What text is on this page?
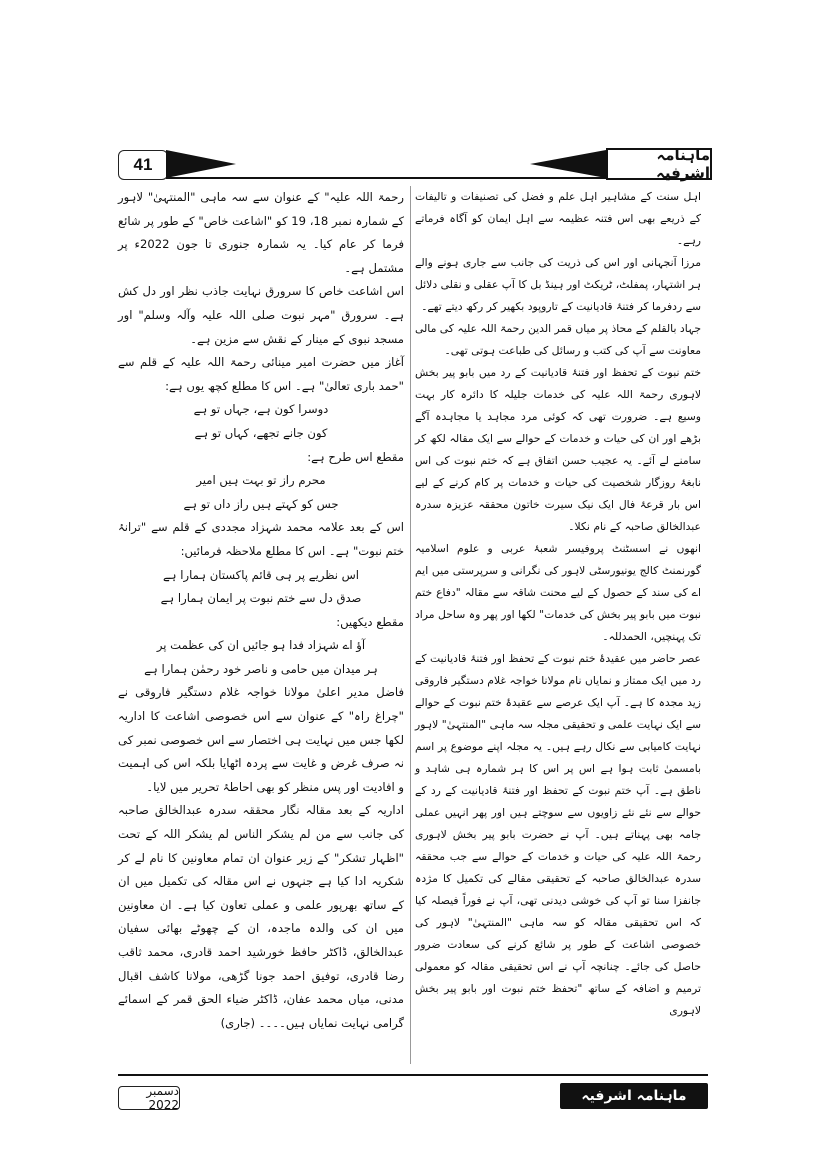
41	ماہنامہ اشرفیہ

اہل سنت کے مشاہیر اہل علم و فضل کی تصنیفات و تالیفات کے ذریعے بھی اس فتنہ عظیمہ سے اہل ایمان کو آگاہ فرماتے رہے۔

مرزا آنجہانی اور اس کی ذریت کی جانب سے جاری ہونے والے ہر اشتہار، پمفلٹ، ٹریکٹ اور ہینڈ بل کا آپ عقلی و نقلی دلائل سے ردفرما کر فتنۂ قادیانیت کے تاروپود بکھیر کر رکھ دیتے تھے۔

جہاد بالقلم کے محاذ پر میاں قمر الدین رحمۃ اللہ علیہ کی مالی معاونت سے آپ کی کتب و رسائل کی طباعت ہوتی تھی۔

ختم نبوت کے تحفظ اور فتنۂ قادیانیت کے رد میں بابو پیر بخش لاہوری رحمۃ اللہ علیہ کی خدمات جلیلہ کا دائرہ کار بہت وسیع ہے۔ ضرورت تھی کہ کوئی مرد مجاہد یا مجاہدہ آگے بڑھے اور ان کی حیات و خدمات کے حوالے سے ایک مقالہ لکھ کر سامنے لے آئے۔ یہ عجیب حسن اتفاق ہے کہ ختم نبوت کی اس نابغۂ روزگار شخصیت کی حیات و خدمات پر کام کرنے کے لیے اس بار قرعۂ فال ایک نیک سیرت خاتون محققہ عزیزہ سدرہ عبدالخالق صاحبہ کے نام نکلا۔

انھوں نے اسسٹنٹ پروفیسر شعبۂ عربی و علوم اسلامیہ گورنمنٹ کالج یونیورسٹی لاہور کی نگرانی و سرپرستی میں ایم اے کی سند کے حصول کے لیے محنت شاقہ سے مقالہ "دفاع ختم نبوت میں بابو پیر بخش کی خدمات" لکھا اور پھر وہ ساحل مراد تک پہنچیں، الحمدللہ۔

عصر حاضر میں عقیدۂ ختم نبوت کے تحفظ اور فتنۂ قادیانیت کے رد میں ایک ممتاز و نمایاں نام مولانا خواجہ غلام دستگیر فاروقی زید مجدہ کا ہے۔ آپ ایک عرصے سے عقیدۂ ختم نبوت کے حوالے سے ایک نہایت علمی و تحقیقی مجلہ سہ ماہی "المنتہیٰ" لاہور نہایت کامیابی سے نکال رہے ہیں۔ یہ مجلہ اپنے موضوع پر اسم بامسمیٰ ثابت ہوا ہے اس پر اس کا ہر شمارہ ہی شاہد و ناطق ہے۔ آپ ختم نبوت کے تحفظ اور فتنۂ قادیانیت کے رد کے حوالے سے نئے نئے زاویوں سے سوچتے ہیں اور پھر انہیں عملی جامہ بھی پہناتے ہیں۔ آپ نے حضرت بابو پیر بخش لاہوری رحمۃ اللہ علیہ کی حیات و خدمات کے حوالے سے جب محققہ سدرہ عبدالخالق صاحبہ کے تحقیقی مقالے کی تکمیل کا مژدہ جانفزا سنا تو آپ کی خوشی دیدنی تھی، آپ نے فوراً فیصلہ کیا کہ اس تحقیقی مقالہ کو سہ ماہی "المنتہیٰ" لاہور کی خصوصی اشاعت کے طور پر شائع کرنے کی سعادت ضرور حاصل کی جائے۔ چنانچہ آپ نے اس تحقیقی مقالہ کو معمولی ترمیم و اضافہ کے ساتھ "تحفظ ختم نبوت اور بابو پیر بخش لاہوری

رحمۃ اللہ علیہ" کے عنوان سے سہ ماہی "المنتہیٰ" لاہور کے شمارہ نمبر 18، 19 کو "اشاعت خاص" کے طور پر شائع فرما کر عام کیا۔ یہ شمارہ جنوری تا جون 2022ء پر مشتمل ہے۔

اس اشاعت خاص کا سرورق نہایت جاذب نظر اور دل کش ہے۔ سرورق "مہر نبوت صلی اللہ علیہ وآلہ وسلم" اور مسجد نبوی کے مینار کے نقش سے مزین ہے۔

آغاز میں حضرت امیر مینائی رحمۃ اللہ علیہ کے قلم سے "حمد باری تعالیٰ" ہے۔ اس کا مطلع کچھ یوں ہے:

دوسرا کون ہے، جہاں تو ہے

کون جانے تجھے، کہاں تو ہے

مقطع اس طرح ہے:

محرم راز تو بہت ہیں امیر

جس کو کہتے ہیں راز داں تو ہے

اس کے بعد علامہ محمد شہزاد مجددی کے قلم سے "ترانۂ ختم نبوت" ہے۔ اس کا مطلع ملاحظہ فرمائیں:

اس نظریے پر ہی قائم پاکستان ہمارا ہے

صدق دل سے ختم نبوت پر ایمان ہمارا ہے

مقطع دیکھیں:

آؤ اے شہزاد فدا ہو جائیں ان کی عظمت پر

ہر میدان میں حامی و ناصر خود رحمٰن ہمارا ہے

فاضل مدیر اعلیٰ مولانا خواجہ غلام دستگیر فاروقی نے "چراغ راہ" کے عنوان سے اس خصوصی اشاعت کا اداریہ لکھا جس میں نہایت ہی اختصار سے اس خصوصی نمبر کی نہ صرف غرض و غایت سے پردہ اٹھایا بلکہ اس کی اہمیت و افادیت اور پس منظر کو بھی احاطۂ تحریر میں لایا۔

اداریہ کے بعد مقالہ نگار محققہ سدرہ عبدالخالق صاحبہ کی جانب سے من لم یشکر الناس لم یشکر اللہ کے تحت "اظہار تشکر" کے زیر عنوان ان تمام معاونین کا نام لے کر شکریہ ادا کیا ہے جنہوں نے اس مقالہ کی تکمیل میں ان کے ساتھ بھرپور علمی و عملی تعاون کیا ہے۔ ان معاونین میں ان کی والدہ ماجدہ، ان کے چھوٹے بھائی سفیان عبدالخالق، ڈاکٹر حافظ خورشید احمد قادری، محمد ثاقب رضا قادری، توفیق احمد جونا گڑھی، مولانا کاشف اقبال مدنی، میاں محمد عفان، ڈاکٹر ضیاء الحق قمر کے اسمائے گرامی نہایت نمایاں ہیں۔۔۔۔ (جاری)

دسمبر 2022
ماہنامہ اشرفیہ
